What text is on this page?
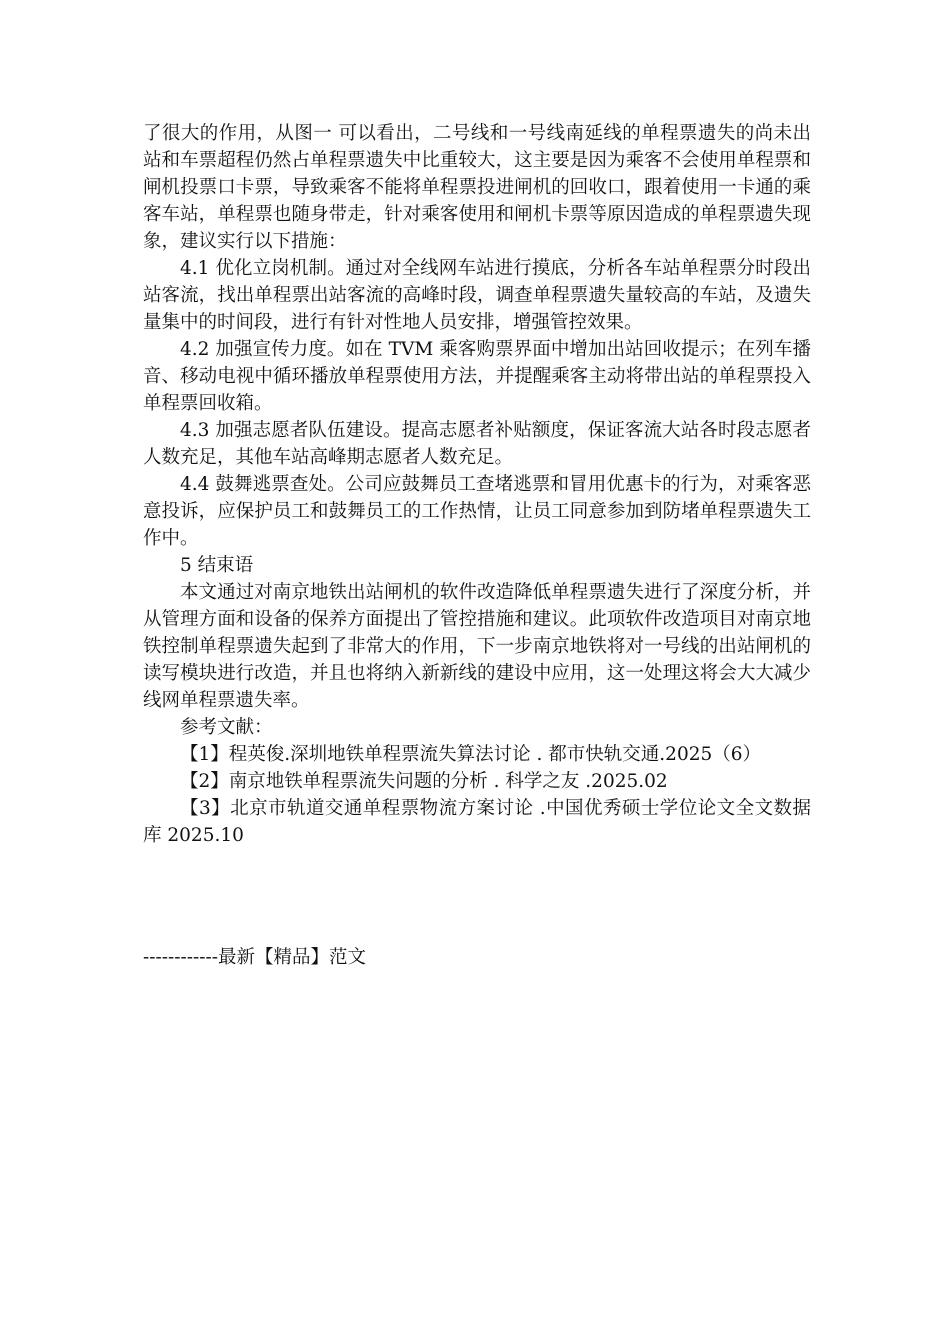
了很大的作用，从图一 可以看出，二号线和一号线南延线的单程票遗失的尚未出站和车票超程仍然占单程票遗失中比重较大，这主要是因为乘客不会使用单程票和闸机投票口卡票，导致乘客不能将单程票投进闸机的回收口，跟着使用一卡通的乘客车站，单程票也随身带走，针对乘客使用和闸机卡票等原因造成的单程票遗失现象，建议实行以下措施：

4.1 优化立岗机制。通过对全线网车站进行摸底，分析各车站单程票分时段出站客流，找出单程票出站客流的高峰时段，调查单程票遗失量较高的车站，及遗失量集中的时间段，进行有针对性地人员安排，增强管控效果。

4.2 加强宣传力度。如在 TVM 乘客购票界面中增加出站回收提示；在列车播音、移动电视中循环播放单程票使用方法，并提醒乘客主动将带出站的单程票投入单程票回收箱。

4.3 加强志愿者队伍建设。提高志愿者补贴额度，保证客流大站各时段志愿者人数充足，其他车站高峰期志愿者人数充足。

4.4 鼓舞逃票查处。公司应鼓舞员工查堵逃票和冒用优惠卡的行为，对乘客恶意投诉，应保护员工和鼓舞员工的工作热情，让员工同意参加到防堵单程票遗失工作中。

5 结束语

本文通过对南京地铁出站闸机的软件改造降低单程票遗失进行了深度分析，并从管理方面和设备的保养方面提出了管控措施和建议。此项软件改造项目对南京地铁控制单程票遗失起到了非常大的作用，下一步南京地铁将对一号线的出站闸机的读写模块进行改造，并且也将纳入新新线的建设中应用，这一处理这将会大大减少线网单程票遗失率。

参考文献：

【1】程英俊.深圳地铁单程票流失算法讨论 . 都市快轨交通.2025（6）

【2】南京地铁单程票流失问题的分析 . 科学之友 .2025.02

【3】北京市轨道交通单程票物流方案讨论 .中国优秀硕士学位论文全文数据库 2025.10

------------最新【精品】范文
